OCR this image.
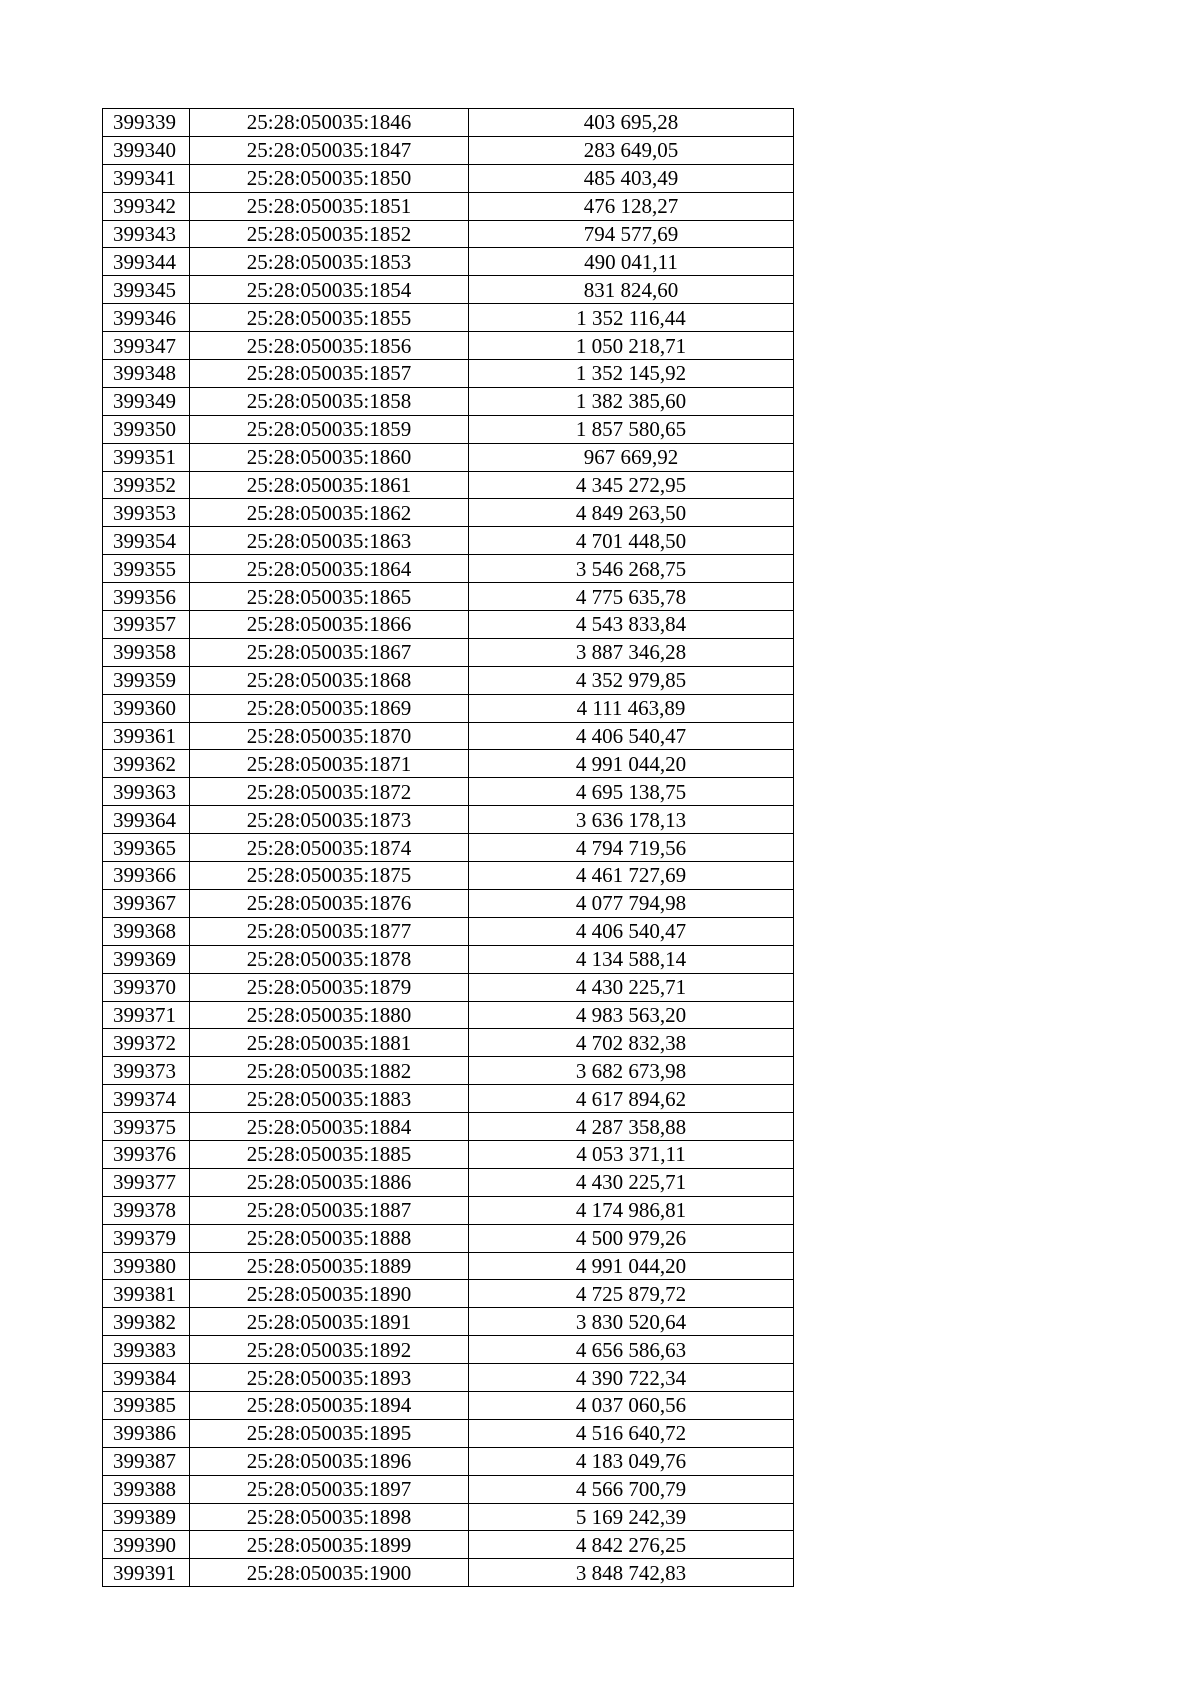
399339	25:28:050035:1846	403 695,28
399340	25:28:050035:1847	283 649,05
399341	25:28:050035:1850	485 403,49
399342	25:28:050035:1851	476 128,27
399343	25:28:050035:1852	794 577,69
399344	25:28:050035:1853	490 041,11
399345	25:28:050035:1854	831 824,60
399346	25:28:050035:1855	1 352 116,44
399347	25:28:050035:1856	1 050 218,71
399348	25:28:050035:1857	1 352 145,92
399349	25:28:050035:1858	1 382 385,60
399350	25:28:050035:1859	1 857 580,65
399351	25:28:050035:1860	967 669,92
399352	25:28:050035:1861	4 345 272,95
399353	25:28:050035:1862	4 849 263,50
399354	25:28:050035:1863	4 701 448,50
399355	25:28:050035:1864	3 546 268,75
399356	25:28:050035:1865	4 775 635,78
399357	25:28:050035:1866	4 543 833,84
399358	25:28:050035:1867	3 887 346,28
399359	25:28:050035:1868	4 352 979,85
399360	25:28:050035:1869	4 111 463,89
399361	25:28:050035:1870	4 406 540,47
399362	25:28:050035:1871	4 991 044,20
399363	25:28:050035:1872	4 695 138,75
399364	25:28:050035:1873	3 636 178,13
399365	25:28:050035:1874	4 794 719,56
399366	25:28:050035:1875	4 461 727,69
399367	25:28:050035:1876	4 077 794,98
399368	25:28:050035:1877	4 406 540,47
399369	25:28:050035:1878	4 134 588,14
399370	25:28:050035:1879	4 430 225,71
399371	25:28:050035:1880	4 983 563,20
399372	25:28:050035:1881	4 702 832,38
399373	25:28:050035:1882	3 682 673,98
399374	25:28:050035:1883	4 617 894,62
399375	25:28:050035:1884	4 287 358,88
399376	25:28:050035:1885	4 053 371,11
399377	25:28:050035:1886	4 430 225,71
399378	25:28:050035:1887	4 174 986,81
399379	25:28:050035:1888	4 500 979,26
399380	25:28:050035:1889	4 991 044,20
399381	25:28:050035:1890	4 725 879,72
399382	25:28:050035:1891	3 830 520,64
399383	25:28:050035:1892	4 656 586,63
399384	25:28:050035:1893	4 390 722,34
399385	25:28:050035:1894	4 037 060,56
399386	25:28:050035:1895	4 516 640,72
399387	25:28:050035:1896	4 183 049,76
399388	25:28:050035:1897	4 566 700,79
399389	25:28:050035:1898	5 169 242,39
399390	25:28:050035:1899	4 842 276,25
399391	25:28:050035:1900	3 848 742,83
